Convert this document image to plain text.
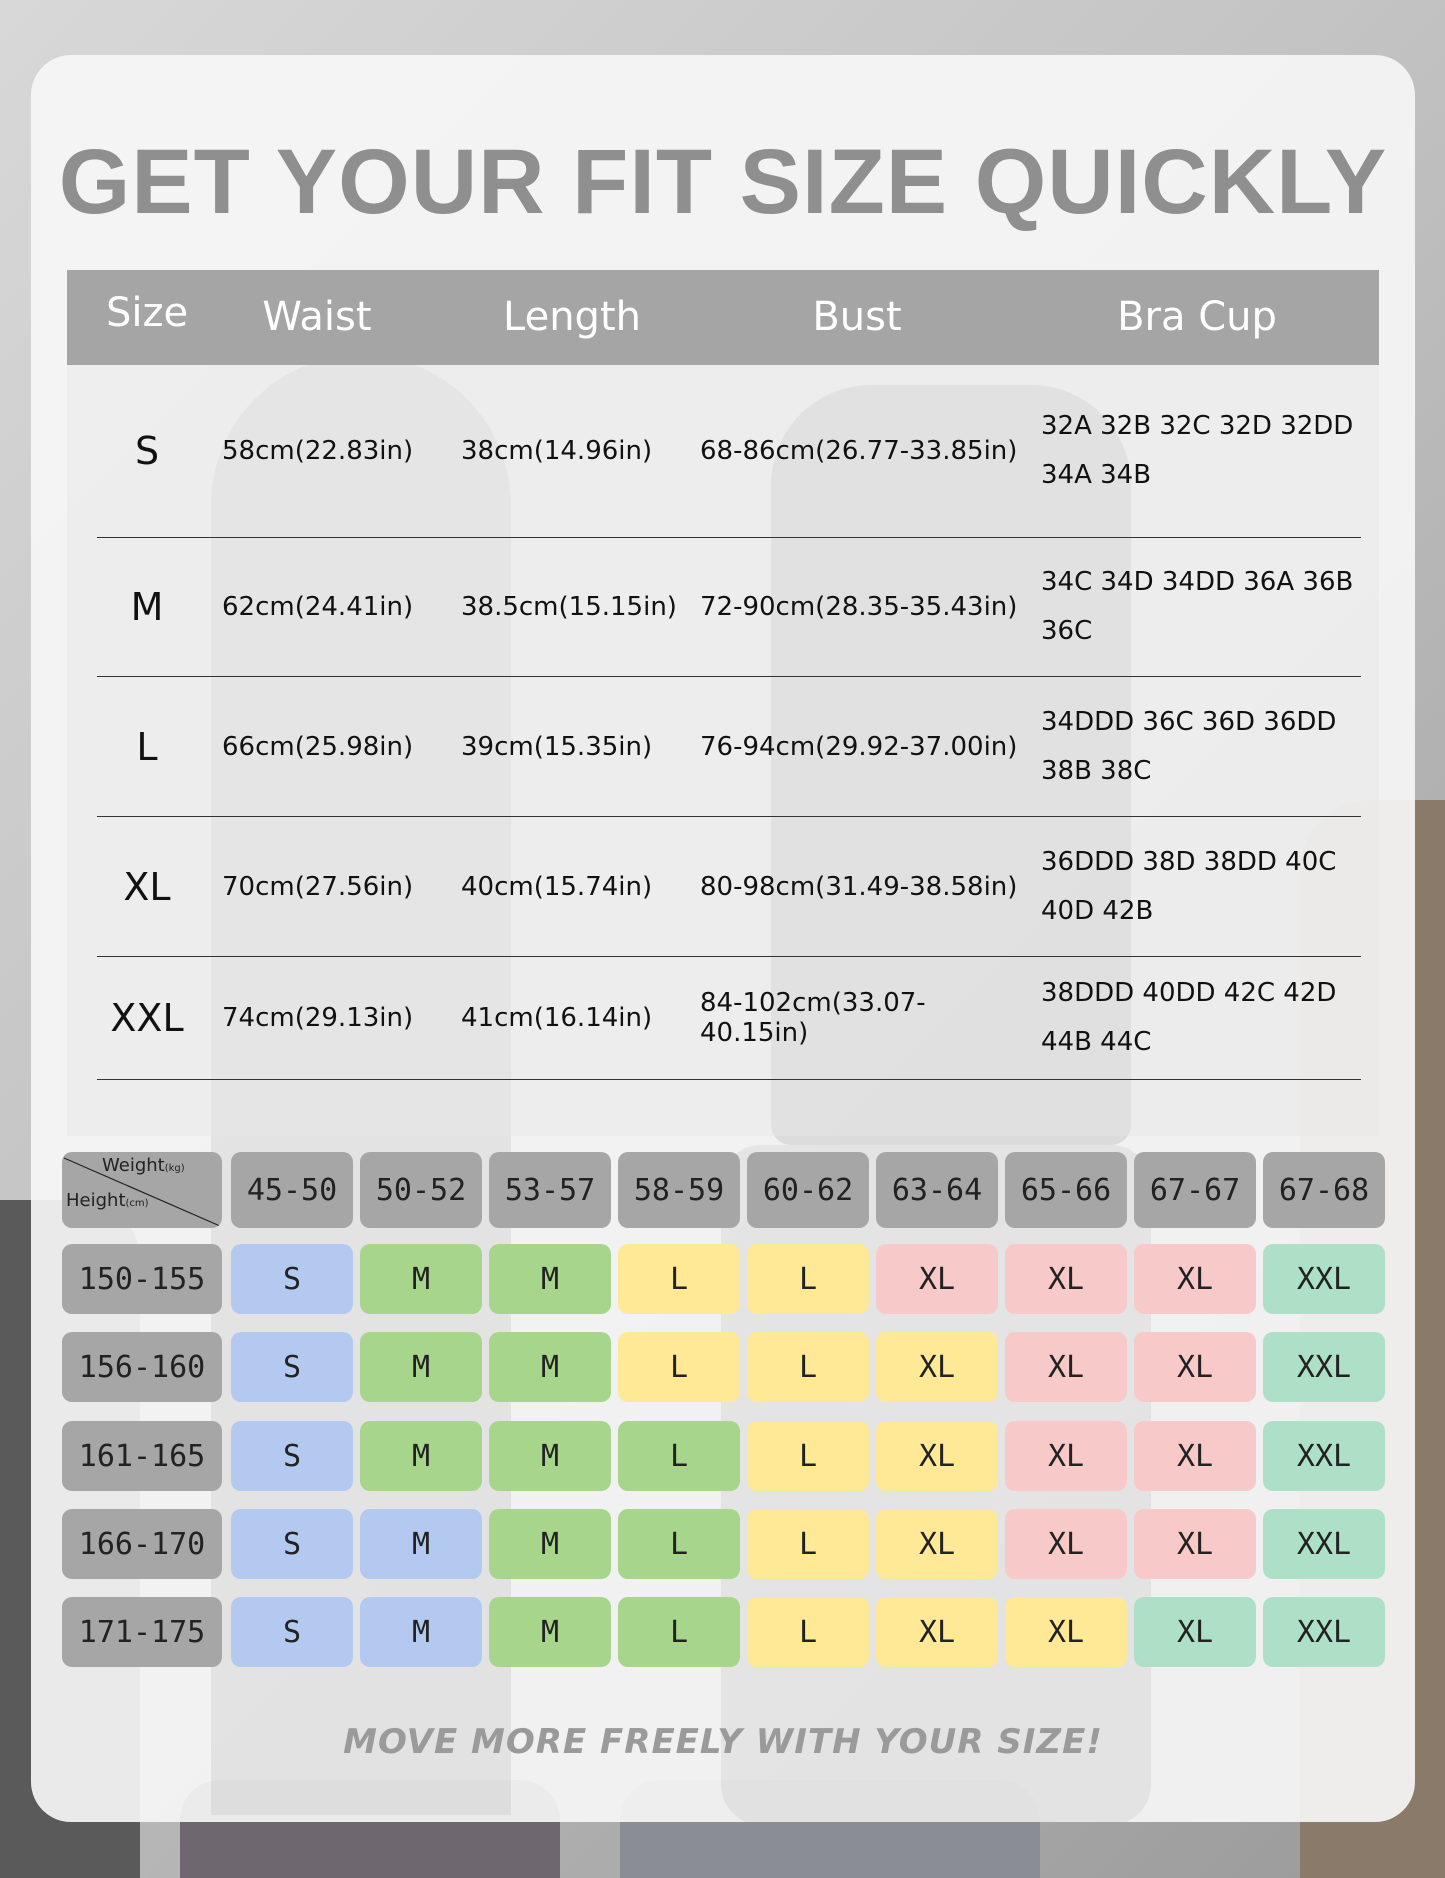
GET YOUR FIT SIZE QUICKLY
Size	Waist	Length	Bust	Bra Cup
S	58cm(22.83in)	38cm(14.96in)	68-86cm(26.77-33.85in)
32A 32B 32C 32D 32DD
34A 34B
M	62cm(24.41in)	38.5cm(15.15in) 72-90cm(28.35-35.43in)
34C 34D 34DD 36A 36B
36C
L	66cm(25.98in)	39cm(15.35in)	76-94cm(29.92-37.00in)
34DDD 36C 36D 36DD
38B 38C
XL	70cm(27.56in)	40cm(15.74in)	80-98cm(31.49-38.58in)
36DDD 38D 38DD 40C
40D 42B
XXL	74cm(29.13in)	41cm(16.14in)	84-102cm(33.07-40.15in)
38DDD 40DD 42C 42D
44B 44C
Weight(kg)
Height(cm)	45-50	50-52	53-57	58-59	60-62	63-64	65-66	67-67	67-68
150-155	S	M	M	L	L	XL	XL	XL	XXL
156-160	S	M	M	L	L	XL	XL	XL	XXL
161-165	S	M	M	L	L	XL	XL	XL	XXL
166-170	S	M	M	L	L	XL	XL	XL	XXL
171-175	S	M	M	L	L	XL	XL	XL	XXL
MOVE MORE FREELY WITH YOUR SIZE!
